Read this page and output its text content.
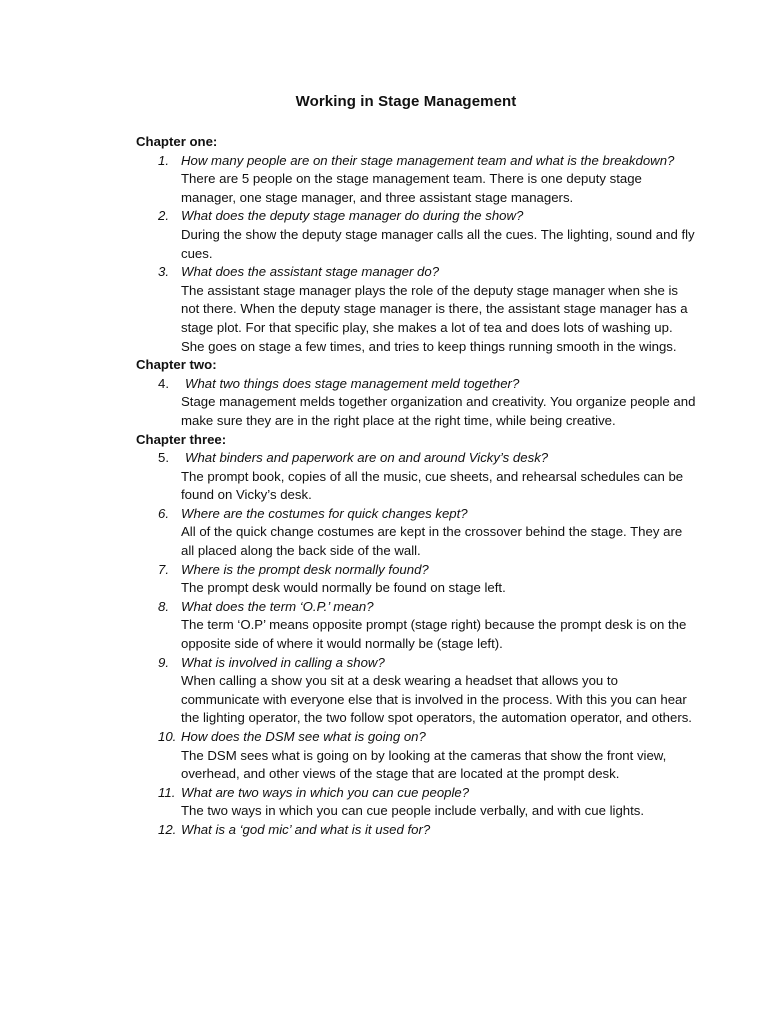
Working in Stage Management
Chapter one:
1. How many people are on their stage management team and what is the breakdown? There are 5 people on the stage management team. There is one deputy stage manager, one stage manager, and three assistant stage managers.
2. What does the deputy stage manager do during the show?
During the show the deputy stage manager calls all the cues. The lighting, sound and fly cues.
3. What does the assistant stage manager do?
The assistant stage manager plays the role of the deputy stage manager when she is not there. When the deputy stage manager is there, the assistant stage manager has a stage plot. For that specific play, she makes a lot of tea and does lots of washing up. She goes on stage a few times, and tries to keep things running smooth in the wings.
Chapter two:
4.	What two things does stage management meld together?
Stage management melds together organization and creativity. You organize people and make sure they are in the right place at the right time, while being creative.
Chapter three:
5.	What binders and paperwork are on and around Vicky’s desk?
The prompt book, copies of all the music, cue sheets, and rehearsal schedules can be found on Vicky’s desk.
6. Where are the costumes for quick changes kept?
All of the quick change costumes are kept in the crossover behind the stage. They are all placed along the back side of the wall.
7. Where is the prompt desk normally found?
The prompt desk would normally be found on stage left.
8. What does the term ‘O.P.’ mean?
The term ‘O.P’ means opposite prompt (stage right) because the prompt desk is on the opposite side of where it would normally be (stage left).
9. What is involved in calling a show?
When calling a show you sit at a desk wearing a headset that allows you to communicate with everyone else that is involved in the process. With this you can hear the lighting operator, the two follow spot operators, the automation operator, and others.
10. How does the DSM see what is going on?
The DSM sees what is going on by looking at the cameras that show the front view, overhead, and other views of the stage that are located at the prompt desk.
11. What are two ways in which you can cue people?
The two ways in which you can cue people include verbally, and with cue lights.
12. What is a ‘god mic’ and what is it used for?
